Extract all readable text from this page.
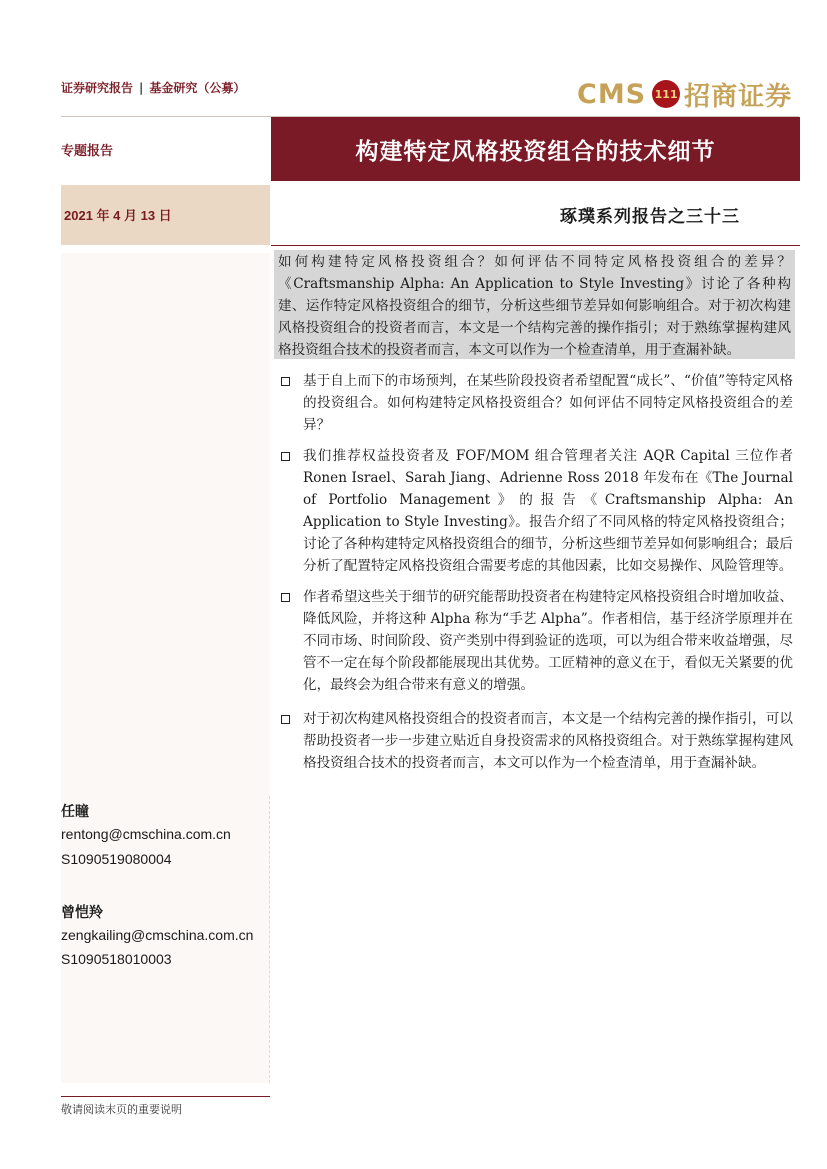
证券研究报告 | 基金研究（公募）	CMS 111 招商证券
专题报告	构建特定风格投资组合的技术细节
2021 年 4 月 13 日	琢璞系列报告之三十三
任瞳
rentong@cmschina.com.cn
S1090519080004
曾恺羚
zengkailing@cmschina.com.cn
S1090518010003

如何构建特定风格投资组合？如何评估不同特定风格投资组合的差异？《Craftsmanship Alpha: An Application to Style Investing》讨论了各种构建、运作特定风格投资组合的细节，分析这些细节差异如何影响组合。对于初次构建风格投资组合的投资者而言，本文是一个结构完善的操作指引；对于熟练掌握构建风格投资组合技术的投资者而言，本文可以作为一个检查清单，用于查漏补缺。

基于自上而下的市场预判，在某些阶段投资者希望配置“成长”、“价值”等特定风格的投资组合。如何构建特定风格投资组合？如何评估不同特定风格投资组合的差异？
我们推荐权益投资者及 FOF/MOM 组合管理者关注 AQR Capital 三位作者 Ronen Israel、Sarah Jiang、Adrienne Ross 2018 年发布在《The Journal of Portfolio Management》的报告《Craftsmanship Alpha: An Application to Style Investing》。报告介绍了不同风格的特定风格投资组合；讨论了各种构建特定风格投资组合的细节，分析这些细节差异如何影响组合；最后分析了配置特定风格投资组合需要考虑的其他因素，比如交易操作、风险管理等。
作者希望这些关于细节的研究能帮助投资者在构建特定风格投资组合时增加收益、降低风险，并将这种 Alpha 称为“手艺 Alpha”。作者相信，基于经济学原理并在不同市场、时间阶段、资产类别中得到验证的选项，可以为组合带来收益增强，尽管不一定在每个阶段都能展现出其优势。工匠精神的意义在于，看似无关紧要的优化，最终会为组合带来有意义的增强。
对于初次构建风格投资组合的投资者而言，本文是一个结构完善的操作指引，可以帮助投资者一步一步建立贴近自身投资需求的风格投资组合。对于熟练掌握构建风格投资组合技术的投资者而言，本文可以作为一个检查清单，用于查漏补缺。
敬请阅读末页的重要说明
